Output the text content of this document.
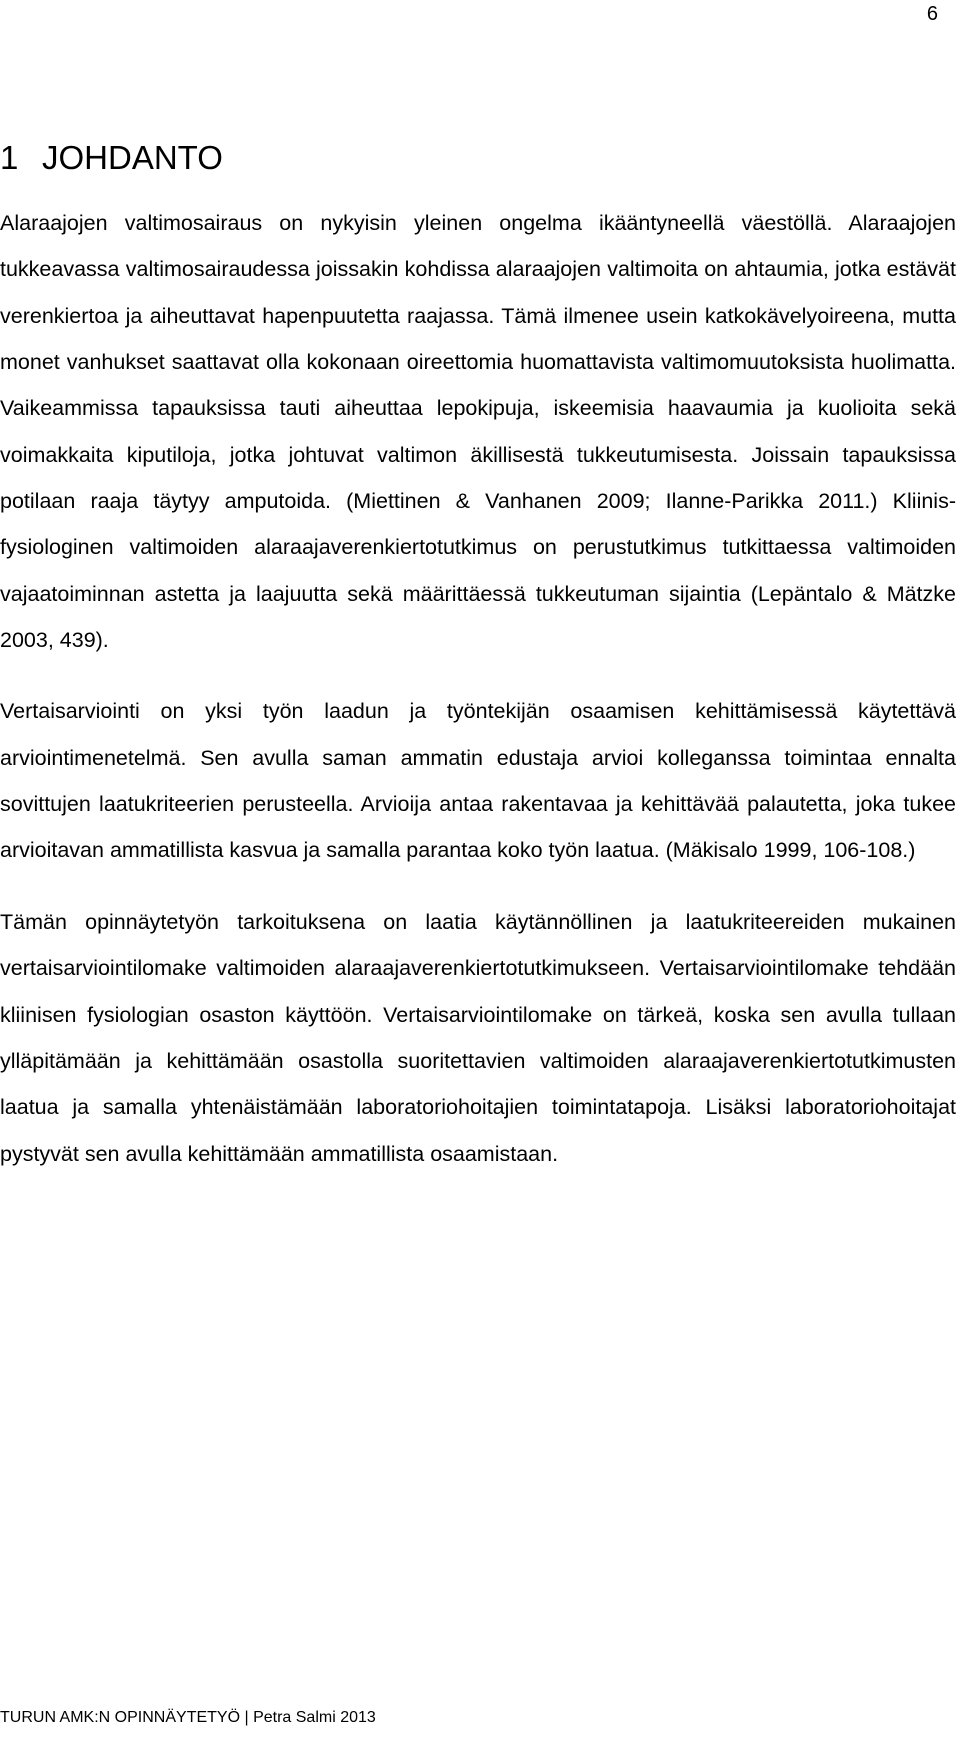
6
1 JOHDANTO

Alaraajojen valtimosairaus on nykyisin yleinen ongelma ikääntyneellä väestöllä. Alaraajojen tukkeavassa valtimosairaudessa joissakin kohdissa alaraajojen valtimoita on ahtaumia, jotka estävät verenkiertoa ja aiheuttavat hapenpuutetta raajassa. Tämä ilmenee usein katkokävelyoireena, mutta monet vanhukset saattavat olla kokonaan oireettomia huomattavista valtimomuutoksista huolimatta. Vaikeammissa tapauksissa tauti aiheuttaa lepokipuja, iskeemisia haavaumia ja kuolioita sekä voimakkaita kiputiloja, jotka johtuvat valtimon äkillisestä tukkeutumisesta. Joissain tapauksissa potilaan raaja täytyy amputoida. (Miettinen & Vanhanen 2009; Ilanne-Parikka 2011.) Kliinis-fysiologinen valtimoiden alaraajaverenkiertotutkimus on perustutkimus tutkittaessa valtimoiden vajaatoiminnan astetta ja laajuutta sekä määrittäessä tukkeutuman sijaintia (Lepäntalo & Mätzke 2003, 439).

Vertaisarviointi on yksi työn laadun ja työntekijän osaamisen kehittämisessä käytettävä arviointimenetelmä. Sen avulla saman ammatin edustaja arvioi kolleganssa toimintaa ennalta sovittujen laatukriteerien perusteella. Arvioija antaa rakentavaa ja kehittävää palautetta, joka tukee arvioitavan ammatillista kasvua ja samalla parantaa koko työn laatua. (Mäkisalo 1999, 106-108.)

Tämän opinnäytetyön tarkoituksena on laatia käytännöllinen ja laatukriteereiden mukainen vertaisarviointilomake valtimoiden alaraajaverenkiertotutkimukseen. Vertaisarviointilomake tehdään kliinisen fysiologian osaston käyttöön. Vertaisarviointilomake on tärkeä, koska sen avulla tullaan ylläpitämään ja kehittämään osastolla suoritettavien valtimoiden alaraajaverenkiertotutkimusten laatua ja samalla yhtenäistämään laboratoriohoitajien toimintatapoja. Lisäksi laboratoriohoitajat pystyvät sen avulla kehittämään ammatillista osaamistaan.

TURUN AMK:N OPINNÄYTETYÖ | Petra Salmi 2013
